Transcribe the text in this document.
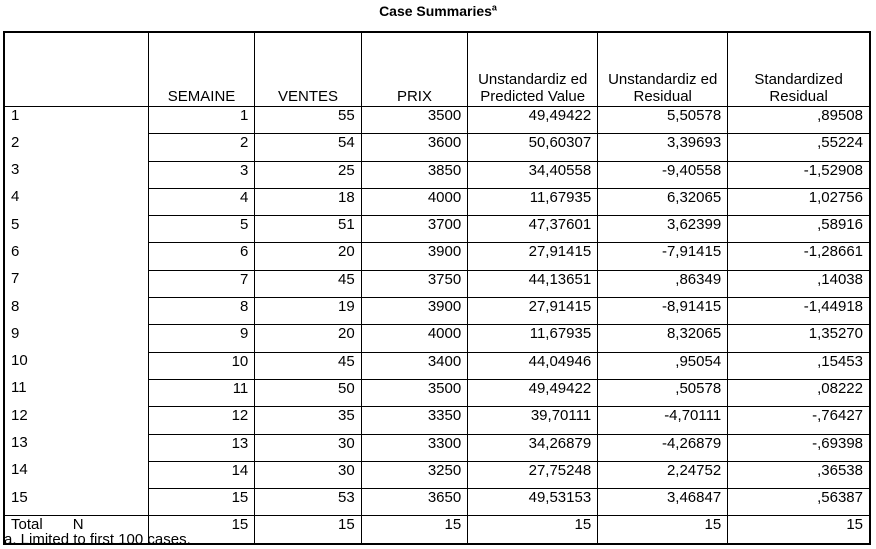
Case Summaries$^a$
	SEMAINE	VENTES	PRIX	Unstandardiz ed Predicted Value	Unstandardiz ed Residual	Standardized Residual
1	1	55	3500	49,49422	5,50578	,89508
2	2	54	3600	50,60307	3,39693	,55224
3	3	25	3850	34,40558	-9,40558	-1,52908
4	4	18	4000	11,67935	6,32065	1,02756
5	5	51	3700	47,37601	3,62399	,58916
6	6	20	3900	27,91415	-7,91415	-1,28661
7	7	45	3750	44,13651	,86349	,14038
8	8	19	3900	27,91415	-8,91415	-1,44918
9	9	20	4000	11,67935	8,32065	1,35270
10	10	45	3400	44,04946	,95054	,15453
11	11	50	3500	49,49422	,50578	,08222
12	12	35	3350	39,70111	-4,70111	-,76427
13	13	30	3300	34,26879	-4,26879	-,69398
14	14	30	3250	27,75248	2,24752	,36538
15	15	53	3650	49,53153	3,46847	,56387
Total N	15	15	15	15	15	15
a. Limited to first 100 cases.
